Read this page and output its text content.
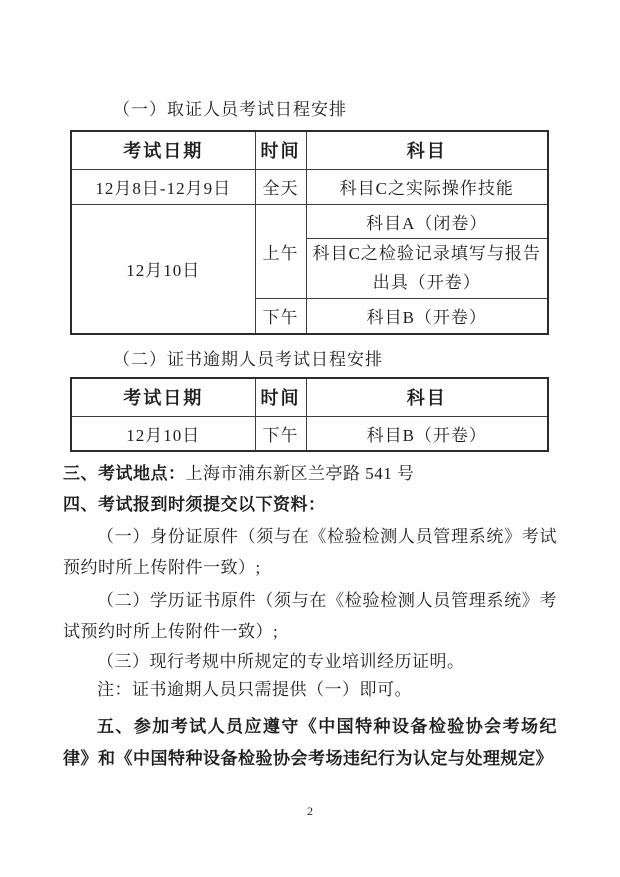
（一）取证人员考试日程安排

考试日期	时间	科目
12月8日-12月9日	全天	科目C之实际操作技能
12月10日	上午	科目A（闭卷）
		科目C之检验记录填写与报告出具（开卷）
	下午	科目B（开卷）

（二）证书逾期人员考试日程安排

考试日期	时间	科目
12月10日	下午	科目B（开卷）

三、考试地点：上海市浦东新区兰亭路 541 号

四、考试报到时须提交以下资料：

（一）身份证原件（须与在《检验检测人员管理系统》考试预约时所上传附件一致）;

（二）学历证书原件（须与在《检验检测人员管理系统》考试预约时所上传附件一致）;

（三）现行考规中所规定的专业培训经历证明。

注：证书逾期人员只需提供（一）即可。

五、参加考试人员应遵守《中国特种设备检验协会考场纪律》和《中国特种设备检验协会考场违纪行为认定与处理规定》

2
